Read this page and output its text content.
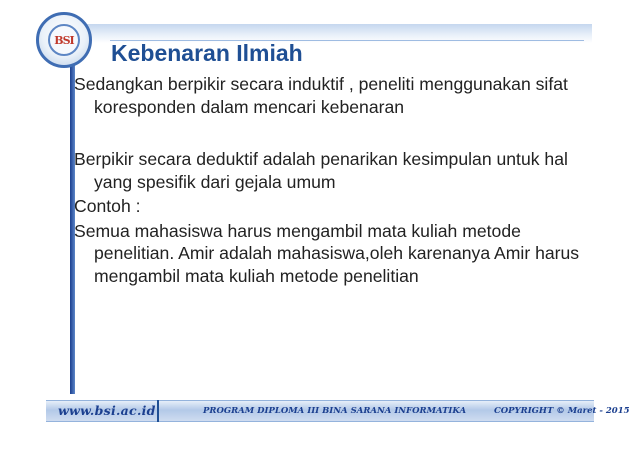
BSI Kebenaran Ilmiah

Sedangkan berpikir secara induktif , peneliti menggunakan sifat koresponden dalam mencari kebenaran

Berpikir secara deduktif adalah penarikan kesimpulan untuk hal yang spesifik dari gejala umum

Contoh :

Semua mahasiswa harus mengambil mata kuliah metode penelitian. Amir adalah mahasiswa,oleh karenanya Amir harus mengambil mata kuliah metode penelitian

www.bsi.ac.id	PROGRAM DIPLOMA III BINA SARANA INFORMATIKA	COPYRIGHT © Maret - 2015
